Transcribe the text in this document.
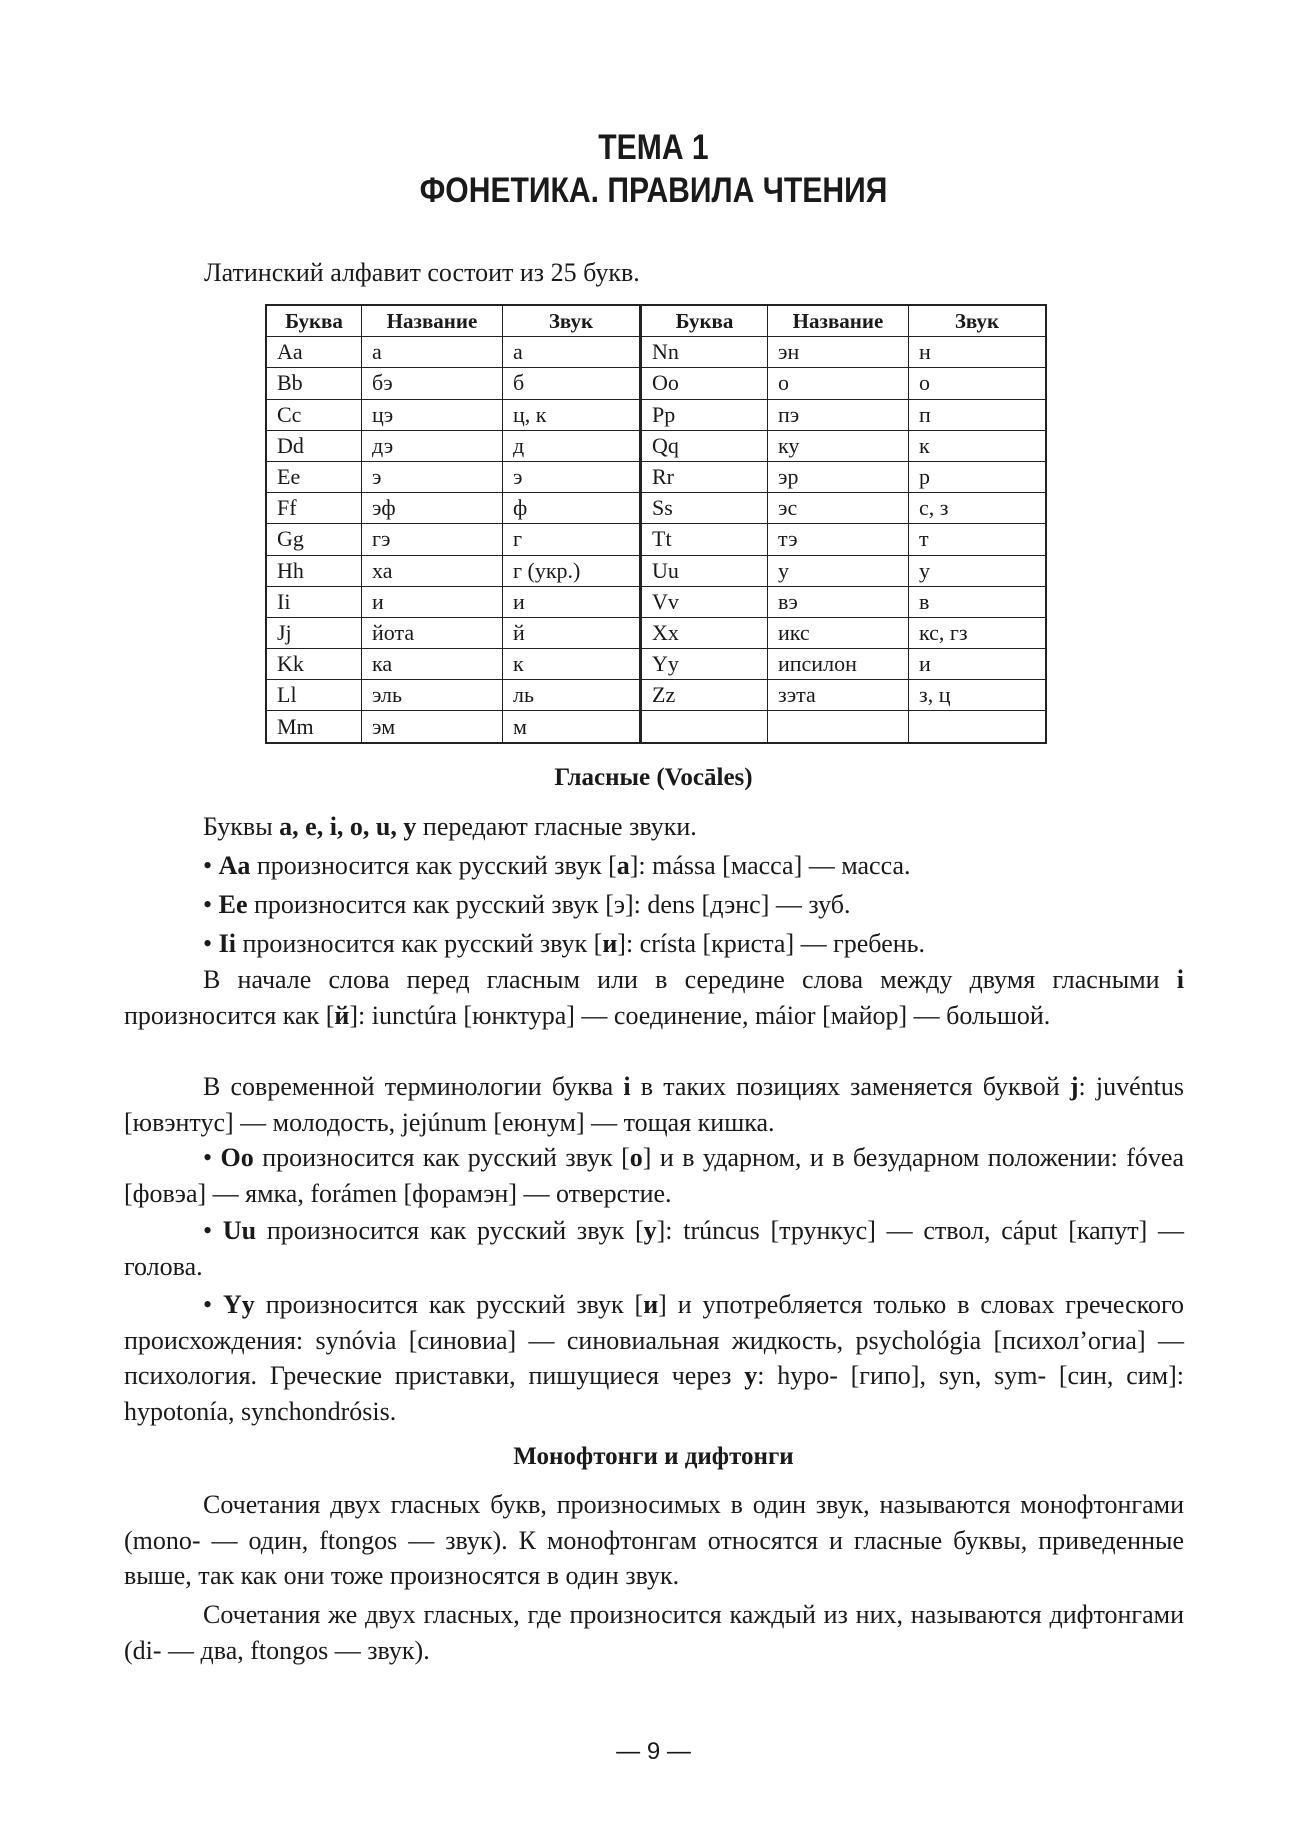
ТЕМА 1
ФОНЕТИКА. ПРАВИЛА ЧТЕНИЯ
Латинский алфавит состоит из 25 букв.
Буква	Название	Звук	Буква	Название	Звук
Aa	а	а	Nn	эн	н
Bb	бэ	б	Oo	о	о
Cc	цэ	ц, к	Pp	пэ	п
Dd	дэ	д	Qq	ку	к
Ee	э	э	Rr	эр	р
Ff	эф	ф	Ss	эс	с, з
Gg	гэ	г	Tt	тэ	т
Hh	ха	г (укр.)	Uu	у	у
Ii	и	и	Vv	вэ	в
Jj	йота	й	Xx	икс	кс, гз
Kk	ка	к	Yy	ипсилон	и
Ll	эль	ль	Zz	зэта	з, ц
Mm	эм	м			
Гласные (Vocāles)
Буквы a, e, i, o, u, y передают гласные звуки.
• Aa произносится как русский звук [а]: mássa [масса] — масса.
• Ee произносится как русский звук [э]: dens [дэнс] — зуб.
• Ii произносится как русский звук [и]: crísta [криста] — гребень.
В начале слова перед гласным или в середине слова между двумя гласными i произносится как [й]: iunctúra [юнктура] — соединение, máior [майор] — большой.
В современной терминологии буква i в таких позициях заменяется буквой j: juvéntus [ювэнтус] — молодость, jejúnum [еюнум] — тощая кишка.
• Oo произносится как русский звук [о] и в ударном, и в безударном положении: fóvea [фовэа] — ямка, forámen [форамэн] — отверстие.
• Uu произносится как русский звук [у]: trúncus [трункус] — ствол, cáput [капут] — голова.
• Yy произносится как русский звук [и] и употребляется только в словах греческого происхождения: synóvia [синовиа] — синовиальная жидкость, psychológia [психол’огиа] — психология. Греческие приставки, пишущиеся через y: hypo- [гипо], syn, sym- [син, сим]: hypotonía, synchondrósis.
Монофтонги и дифтонги
Сочетания двух гласных букв, произносимых в один звук, называются монофтонгами (mono- — один, ftongos — звук). К монофтонгам относятся и гласные буквы, приведенные выше, так как они тоже произносятся в один звук.
Сочетания же двух гласных, где произносится каждый из них, называются дифтонгами (di- — два, ftongos — звук).
— 9 —
